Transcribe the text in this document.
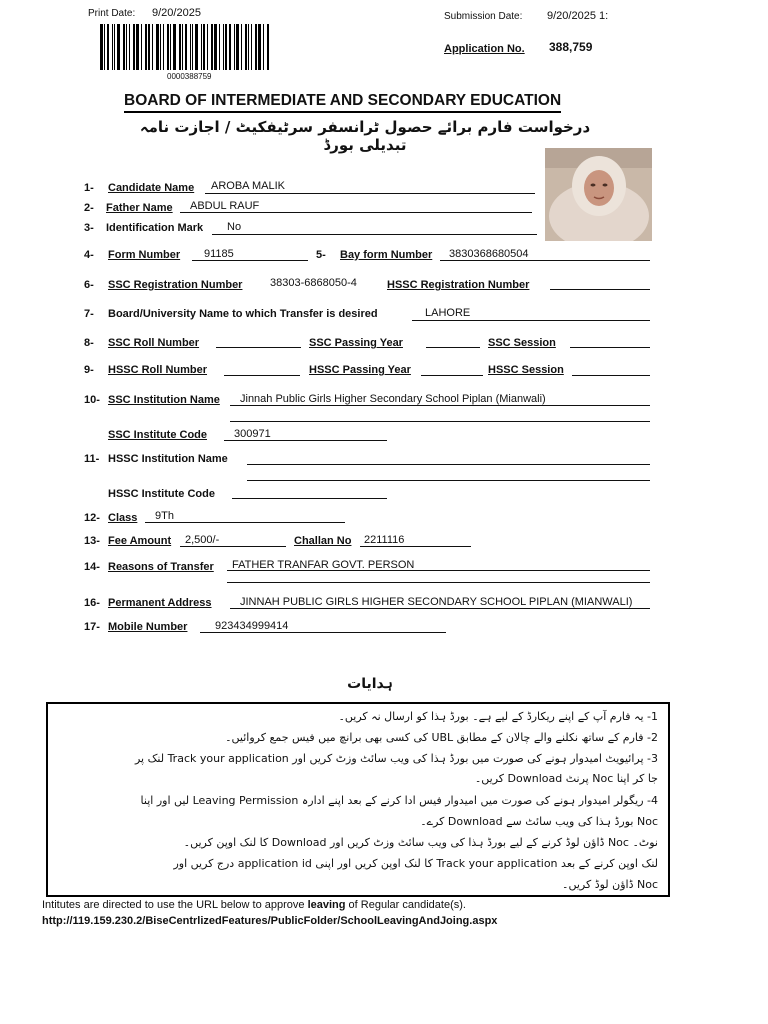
Print Date: 9/20/2025	Submission Date: 9/20/2025 1:
Application No. 388,759
0000388759
BOARD OF INTERMEDIATE AND SECONDARY EDUCATION
درخواست فارم برائے حصول ٹرانسفر سرٹیفکیٹ / اجازت نامہ تبدیلی بورڈ
1- Candidate Name AROBA MALIK
2- Father Name ABDUL RAUF
3- Identification Mark No
4- Form Number 91185	5- Bay form Number 3830368680504
6- SSC Registration Number	38303-6868050-4	HSSC Registration Number
7- Board/University Name to which Transfer is desired	LAHORE
8- SSC Roll Number	SSC Passing Year	SSC Session
9- HSSC Roll Number	HSSC Passing Year	HSSC Session
10- SSC Institution Name Jinnah Public Girls Higher Secondary School Piplan (Mianwali)
SSC Institute Code 300971
11- HSSC Institution Name
HSSC Institute Code
12- Class 9Th
13- Fee Amount 2,500/-	Challan No 2211116
14- Reasons of Transfer FATHER TRANFAR GOVT. PERSON
16- Permanent Address	JINNAH PUBLIC GIRLS HIGHER SECONDARY SCHOOL PIPLAN (MIANWALI)
17- Mobile Number	923434999414
ہدایات
1- یہ فارم آپ کے اپنے ریکارڈ کے لیے ہے۔ بورڈ ہذا کو ارسال نہ کریں۔
2- فارم کے ساتھ نکلنے والے چالان کے مطابق UBL کی کسی بھی برانچ میں فیس جمع کروائیں۔
3- پرائیویٹ امیدوار ہونے کی صورت میں بورڈ ہذا کی ویب سائٹ وزٹ کریں اور Track your application لنک پر
جا کر اپنا Noc پرنٹ Download کریں۔
4- ریگولر امیدوار ہونے کی صورت میں امیدوار فیس ادا کرنے کے بعد اپنے ادارہ Leaving Permission لیں اور اپنا
Noc بورڈ ہذا کی ویب سائٹ سے Download کرے۔
نوٹ۔ Noc ڈاؤن لوڈ کرنے کے لیے بورڈ ہذا کی ویب سائٹ وزٹ کریں اور Download کا لنک اوپن کریں۔
لنک اوپن کرنے کے بعد Track your application کا لنک اوپن کریں اور اپنی application id درج کریں اور
Noc ڈاؤن لوڈ کریں۔
Intitutes are directed to use the URL below to approve leaving of Regular candidate(s).
http://119.159.230.2/BiseCentrlizedFeatures/PublicFolder/SchoolLeavingAndJoing.aspx
